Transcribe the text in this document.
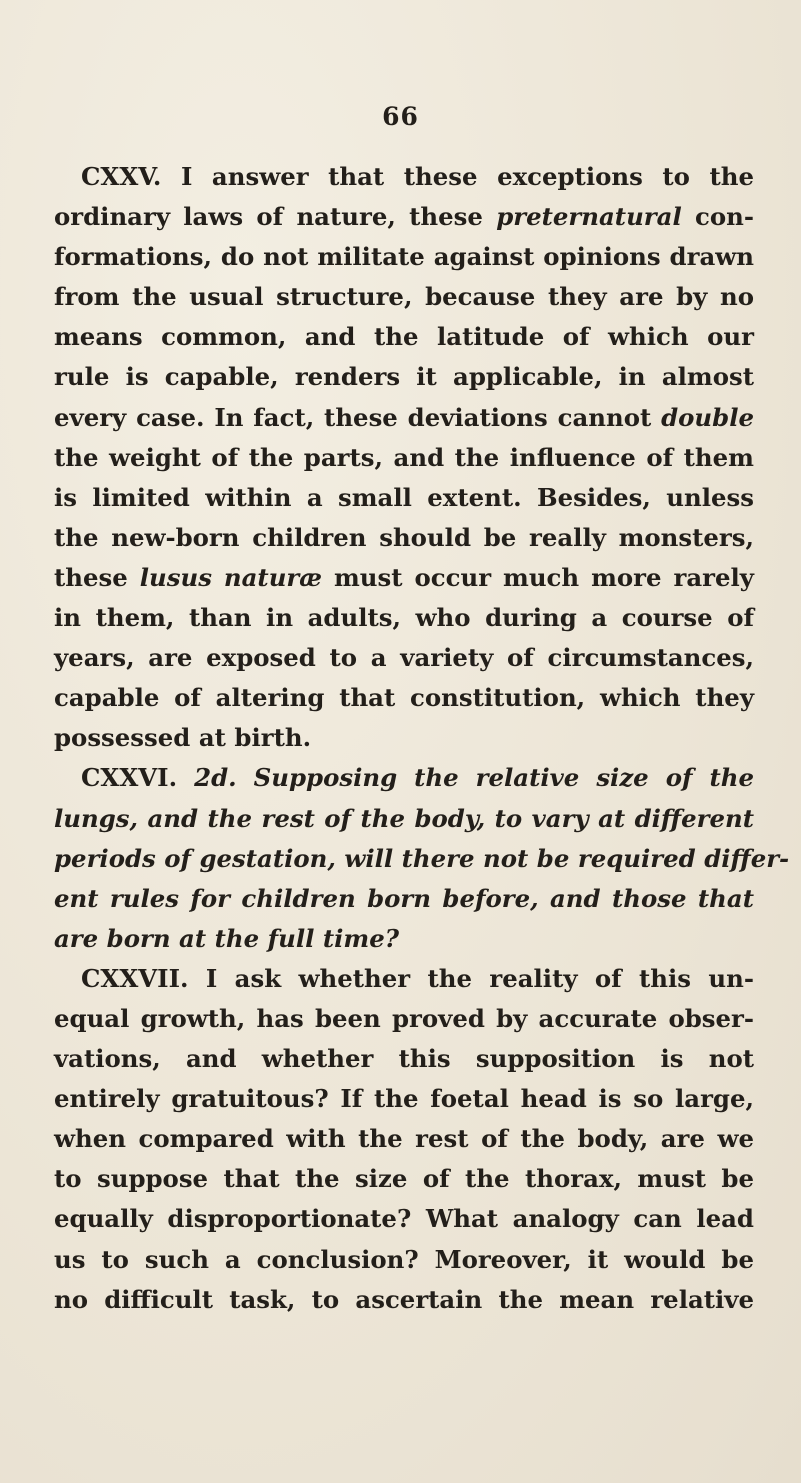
66
CXXV. I answer that these exceptions to the
ordinary laws of nature, these preternatural con-
formations, do not militate against opinions drawn
from the usual structure, because they are by no
means common, and the latitude of which our
rule is capable, renders it applicable, in almost
every case. In fact, these deviations cannot double
the weight of the parts, and the influence of them
is limited within a small extent. Besides, unless
the new-born children should be really monsters,
these lusus naturæ must occur much more rarely
in them, than in adults, who during a course of
years, are exposed to a variety of circumstances,
capable of altering that constitution, which they
possessed at birth.
CXXVI. 2d. Supposing the relative size of the
lungs, and the rest of the body, to vary at different
periods of gestation, will there not be required differ-
ent rules for children born before, and those that
are born at the full time?
CXXVII. I ask whether the reality of this un-
equal growth, has been proved by accurate obser-
vations, and whether this supposition is not
entirely gratuitous? If the foetal head is so large,
when compared with the rest of the body, are we
to suppose that the size of the thorax, must be
equally disproportionate? What analogy can lead
us to such a conclusion? Moreover, it would be
no difficult task, to ascertain the mean relative
